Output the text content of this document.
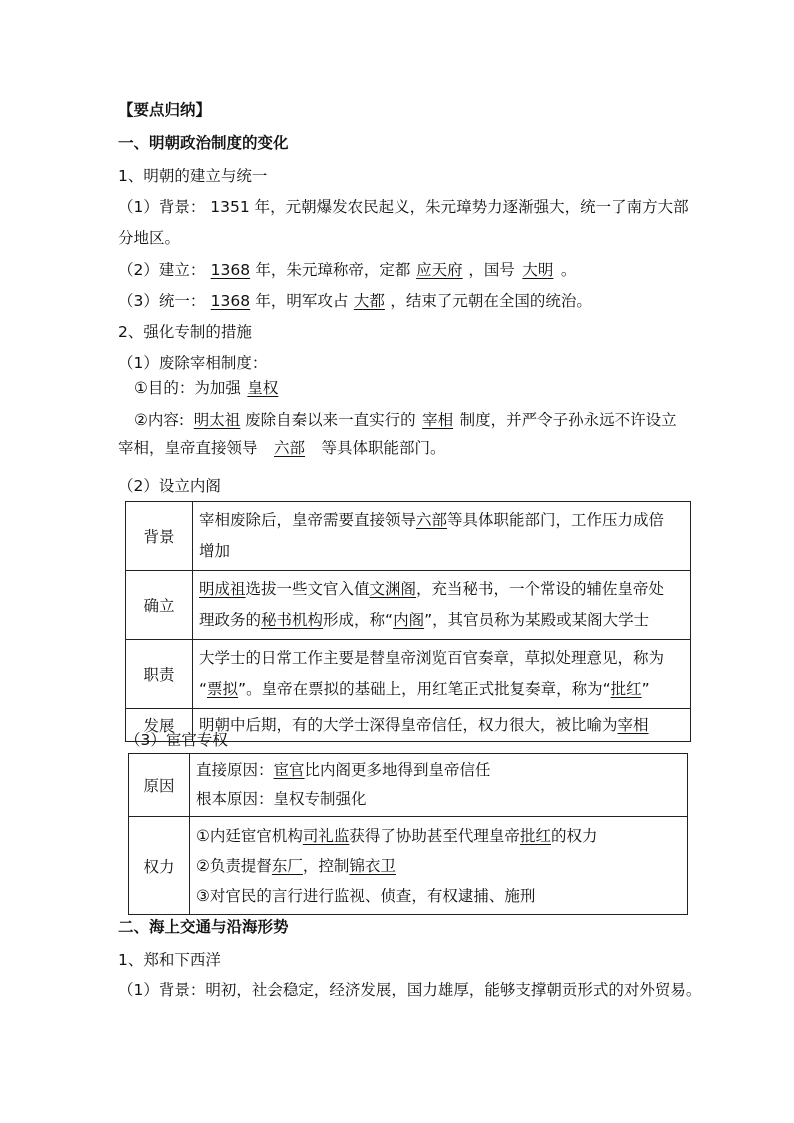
【要点归纳】
一、明朝政治制度的变化
1、明朝的建立与统一
（1）背景： 1351 年，元朝爆发农民起义，朱元璋势力逐渐强大，统一了南方大部
分地区。
（2）建立： 1368 年，朱元璋称帝，定都 应天府 ，国号 大明 。
（3）统一： 1368 年，明军攻占 大都 ，结束了元朝在全国的统治。
2、强化专制的措施
（1）废除宰相制度：
①目的：为加强 皇权
②内容: 明太祖 废除自秦以来一直实行的 宰相 制度，并严令子孙永远不许设立
宰相，皇帝直接领导 六部 等具体职能部门。
（2）设立内阁
背景	宰相废除后，皇帝需要直接领导六部等具体职能部门，工作压力成倍
增加
确立	明成祖选拔一些文官入值文渊阁，充当秘书，一个常设的辅佐皇帝处
理政务的秘书机构形成，称“内阁”，其官员称为某殿或某阁大学士
职责	大学士的日常工作主要是替皇帝浏览百官奏章，草拟处理意见，称为
“票拟”。皇帝在票拟的基础上，用红笔正式批复奏章，称为“批红”
发展	明朝中后期，有的大学士深得皇帝信任，权力很大，被比喻为宰相
（3）宦官专权
原因	直接原因：宦官比内阁更多地得到皇帝信任
根本原因：皇权专制强化
权力	①内廷宦官机构司礼监获得了协助甚至代理皇帝批红的权力
②负责提督东厂，控制锦衣卫
③对官民的言行进行监视、侦查，有权逮捕、施刑
二、海上交通与沿海形势
1、郑和下西洋
（1）背景：明初，社会稳定，经济发展，国力雄厚，能够支撑朝贡形式的对外贸易。
